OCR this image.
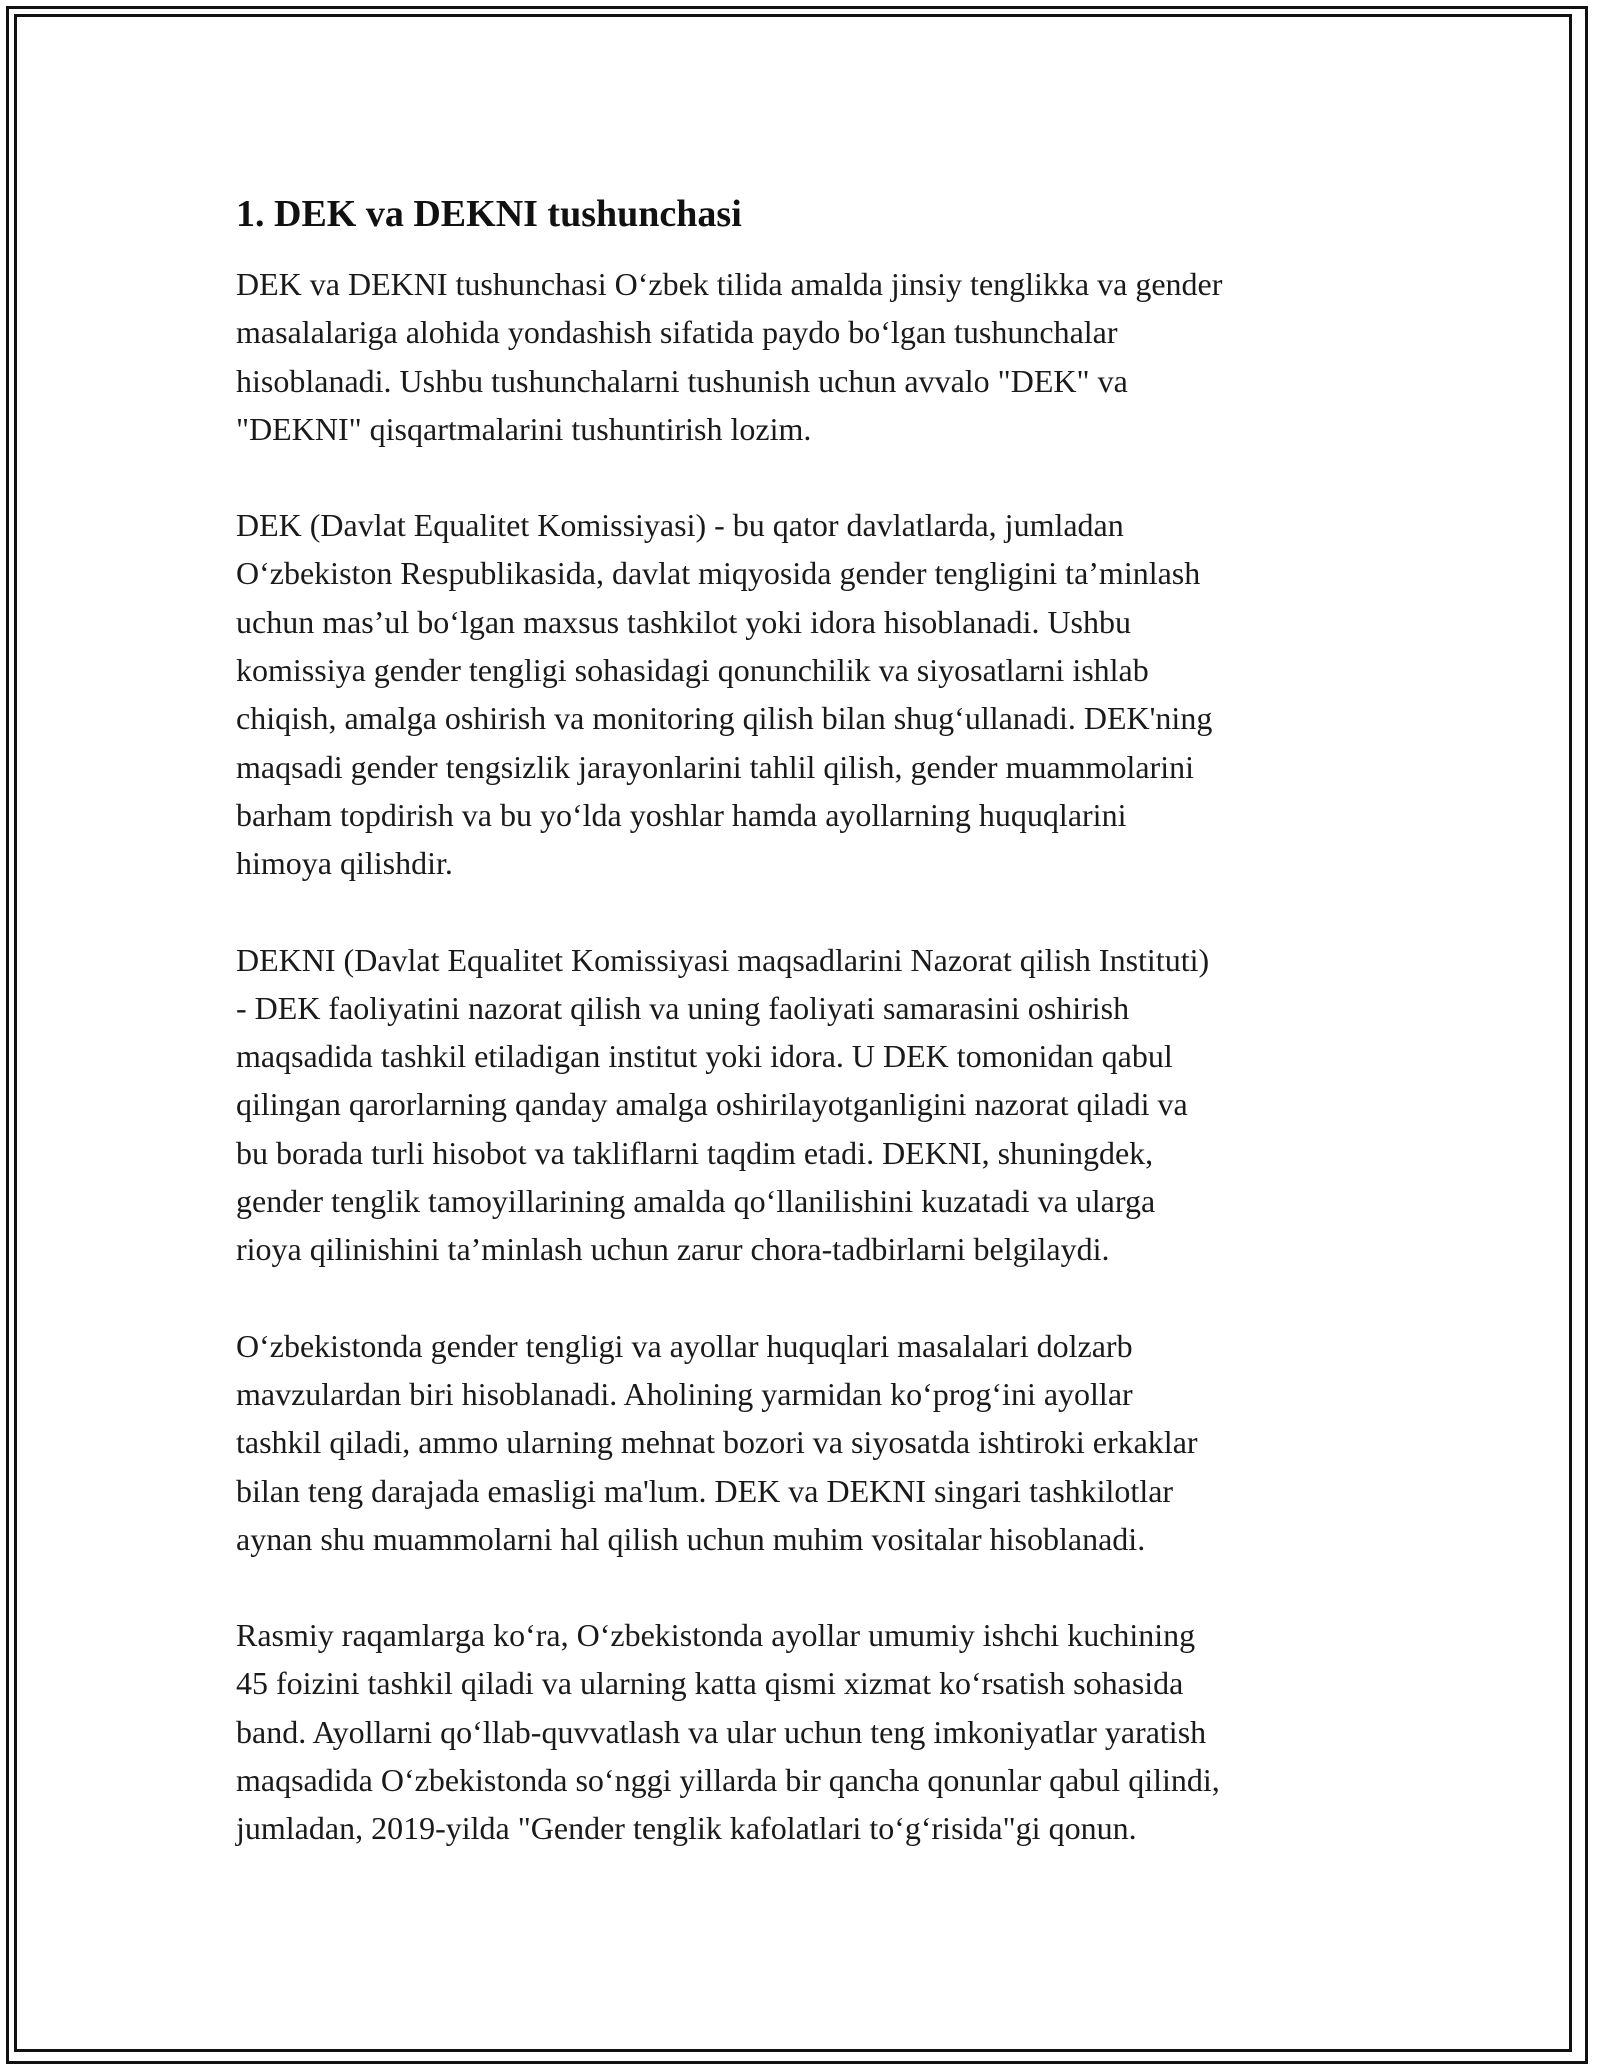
1. DEK va DEKNI tushunchasi

DEK va DEKNI tushunchasi O‘zbek tilida amalda jinsiy tenglikka va gender
masalalariga alohida yondashish sifatida paydo bo‘lgan tushunchalar
hisoblanadi. Ushbu tushunchalarni tushunish uchun avvalo "DEK" va
"DEKNI" qisqartmalarini tushuntirish lozim.

DEK (Davlat Equalitet Komissiyasi) - bu qator davlatlarda, jumladan
O‘zbekiston Respublikasida, davlat miqyosida gender tengligini ta’minlash
uchun mas’ul bo‘lgan maxsus tashkilot yoki idora hisoblanadi. Ushbu
komissiya gender tengligi sohasidagi qonunchilik va siyosatlarni ishlab
chiqish, amalga oshirish va monitoring qilish bilan shug‘ullanadi. DEK'ning
maqsadi gender tengsizlik jarayonlarini tahlil qilish, gender muammolarini
barham topdirish va bu yo‘lda yoshlar hamda ayollarning huquqlarini
himoya qilishdir.

DEKNI (Davlat Equalitet Komissiyasi maqsadlarini Nazorat qilish Instituti)
- DEK faoliyatini nazorat qilish va uning faoliyati samarasini oshirish
maqsadida tashkil etiladigan institut yoki idora. U DEK tomonidan qabul
qilingan qarorlarning qanday amalga oshirilayotganligini nazorat qiladi va
bu borada turli hisobot va takliflarni taqdim etadi. DEKNI, shuningdek,
gender tenglik tamoyillarining amalda qo‘llanilishini kuzatadi va ularga
rioya qilinishini ta’minlash uchun zarur chora-tadbirlarni belgilaydi.

O‘zbekistonda gender tengligi va ayollar huquqlari masalalari dolzarb
mavzulardan biri hisoblanadi. Aholining yarmidan ko‘prog‘ini ayollar
tashkil qiladi, ammo ularning mehnat bozori va siyosatda ishtiroki erkaklar
bilan teng darajada emasligi ma'lum. DEK va DEKNI singari tashkilotlar
aynan shu muammolarni hal qilish uchun muhim vositalar hisoblanadi.

Rasmiy raqamlarga ko‘ra, O‘zbekistonda ayollar umumiy ishchi kuchining
45 foizini tashkil qiladi va ularning katta qismi xizmat ko‘rsatish sohasida
band. Ayollarni qo‘llab-quvvatlash va ular uchun teng imkoniyatlar yaratish
maqsadida O‘zbekistonda so‘nggi yillarda bir qancha qonunlar qabul qilindi,
jumladan, 2019-yilda "Gender tenglik kafolatlari to‘g‘risida"gi qonun.
